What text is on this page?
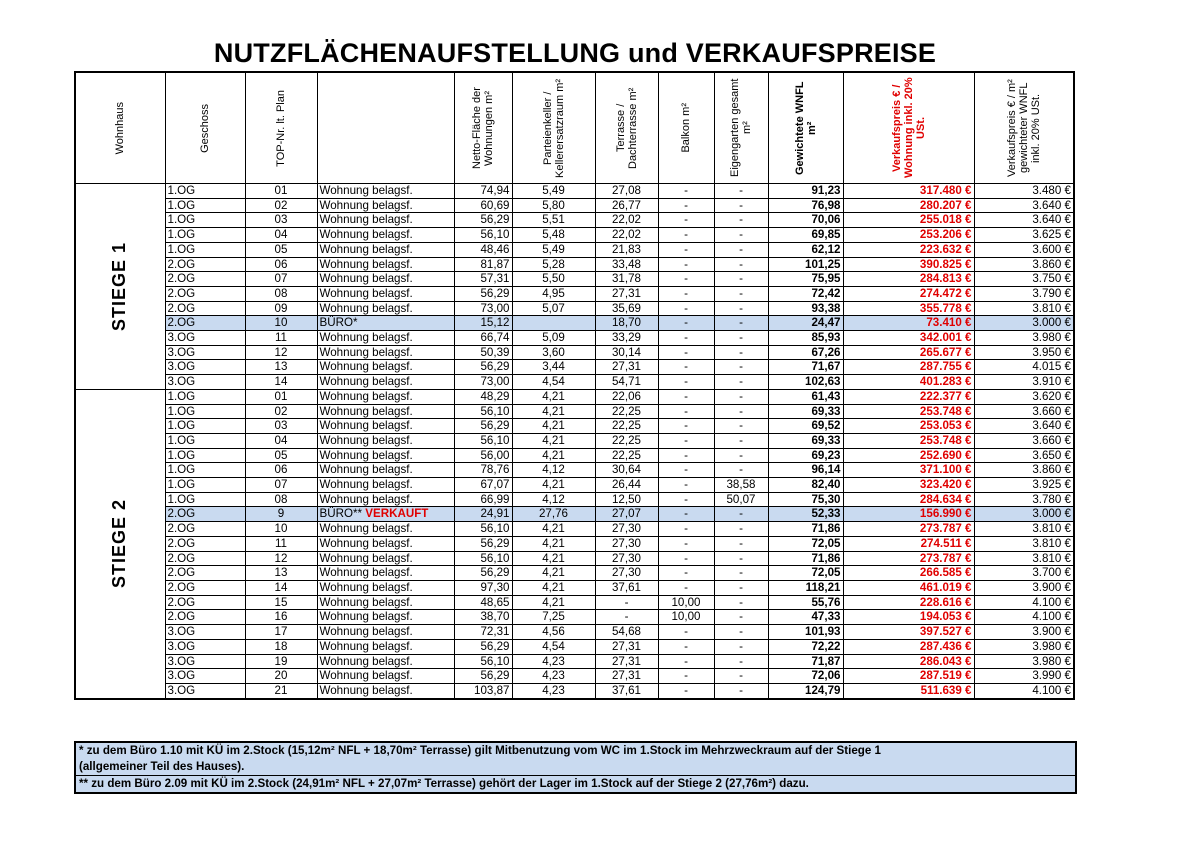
NUTZFLÄCHENAUFSTELLUNG und VERKAUFSPREISE
Wohnhaus	Geschoss	TOP-Nr. lt. Plan		Netto-Fläche der Wohnungen m²	Parteienkeller / Kellerersatzraum m²	Terrasse / Dachterrasse m²	Balkon m²	Eigengarten gesamt m²	Gewichtete WNFL m²	Verkaufspreis € / Wohnung inkl. 20% USt.	Verkaufspreis € / m² gewichteter WNFL inkl. 20% USt.

STIEGE 1	1.OG	01	Wohnung belagsf.	74,94	5,49	27,08	-	-	91,23	317.480 €	3.480 €
	1.OG	02	Wohnung belagsf.	60,69	5,80	26,77	-	-	76,98	280.207 €	3.640 €
	1.OG	03	Wohnung belagsf.	56,29	5,51	22,02	-	-	70,06	255.018 €	3.640 €
	1.OG	04	Wohnung belagsf.	56,10	5,48	22,02	-	-	69,85	253.206 €	3.625 €
	1.OG	05	Wohnung belagsf.	48,46	5,49	21,83	-	-	62,12	223.632 €	3.600 €
	2.OG	06	Wohnung belagsf.	81,87	5,28	33,48	-	-	101,25	390.825 €	3.860 €
	2.OG	07	Wohnung belagsf.	57,31	5,50	31,78	-	-	75,95	284.813 €	3.750 €
	2.OG	08	Wohnung belagsf.	56,29	4,95	27,31	-	-	72,42	274.472 €	3.790 €
	2.OG	09	Wohnung belagsf.	73,00	5,07	35,69	-	-	93,38	355.778 €	3.810 €
	2.OG	10	BÜRO*	15,12		18,70	-	-	24,47	73.410 €	3.000 €
	3.OG	11	Wohnung belagsf.	66,74	5,09	33,29	-	-	85,93	342.001 €	3.980 €
	3.OG	12	Wohnung belagsf.	50,39	3,60	30,14	-	-	67,26	265.677 €	3.950 €
	3.OG	13	Wohnung belagsf.	56,29	3,44	27,31	-	-	71,67	287.755 €	4.015 €
	3.OG	14	Wohnung belagsf.	73,00	4,54	54,71	-	-	102,63	401.283 €	3.910 €

STIEGE 2	1.OG	01	Wohnung belagsf.	48,29	4,21	22,06	-	-	61,43	222.377 €	3.620 €
	1.OG	02	Wohnung belagsf.	56,10	4,21	22,25	-	-	69,33	253.748 €	3.660 €
	1.OG	03	Wohnung belagsf.	56,29	4,21	22,25	-	-	69,52	253.053 €	3.640 €
	1.OG	04	Wohnung belagsf.	56,10	4,21	22,25	-	-	69,33	253.748 €	3.660 €
	1.OG	05	Wohnung belagsf.	56,00	4,21	22,25	-	-	69,23	252.690 €	3.650 €
	1.OG	06	Wohnung belagsf.	78,76	4,12	30,64	-	-	96,14	371.100 €	3.860 €
	1.OG	07	Wohnung belagsf.	67,07	4,21	26,44	-	38,58	82,40	323.420 €	3.925 €
	1.OG	08	Wohnung belagsf.	66,99	4,12	12,50	-	50,07	75,30	284.634 €	3.780 €
	2.OG	9	BÜRO** VERKAUFT	24,91	27,76	27,07	-	-	52,33	156.990 €	3.000 €
	2.OG	10	Wohnung belagsf.	56,10	4,21	27,30	-	-	71,86	273.787 €	3.810 €
	2.OG	11	Wohnung belagsf.	56,29	4,21	27,30	-	-	72,05	274.511 €	3.810 €
	2.OG	12	Wohnung belagsf.	56,10	4,21	27,30	-	-	71,86	273.787 €	3.810 €
	2.OG	13	Wohnung belagsf.	56,29	4,21	27,30	-	-	72,05	266.585 €	3.700 €
	2.OG	14	Wohnung belagsf.	97,30	4,21	37,61	-	-	118,21	461.019 €	3.900 €
	2.OG	15	Wohnung belagsf.	48,65	4,21	-	10,00	-	55,76	228.616 €	4.100 €
	2.OG	16	Wohnung belagsf.	38,70	7,25	-	10,00	-	47,33	194.053 €	4.100 €
	3.OG	17	Wohnung belagsf.	72,31	4,56	54,68	-	-	101,93	397.527 €	3.900 €
	3.OG	18	Wohnung belagsf.	56,29	4,54	27,31	-	-	72,22	287.436 €	3.980 €
	3.OG	19	Wohnung belagsf.	56,10	4,23	27,31	-	-	71,87	286.043 €	3.980 €
	3.OG	20	Wohnung belagsf.	56,29	4,23	27,31	-	-	72,06	287.519 €	3.990 €
	3.OG	21	Wohnung belagsf.	103,87	4,23	37,61	-	-	124,79	511.639 €	4.100 €
* zu dem Büro 1.10 mit KÜ im 2.Stock (15,12m² NFL + 18,70m² Terrasse) gilt Mitbenutzung vom WC im 1.Stock im Mehrzweckraum auf der Stiege 1
(allgemeiner Teil des Hauses).
** zu dem Büro 2.09 mit KÜ im 2.Stock (24,91m² NFL + 27,07m² Terrasse) gehört der Lager im 1.Stock auf der Stiege 2 (27,76m²) dazu.
